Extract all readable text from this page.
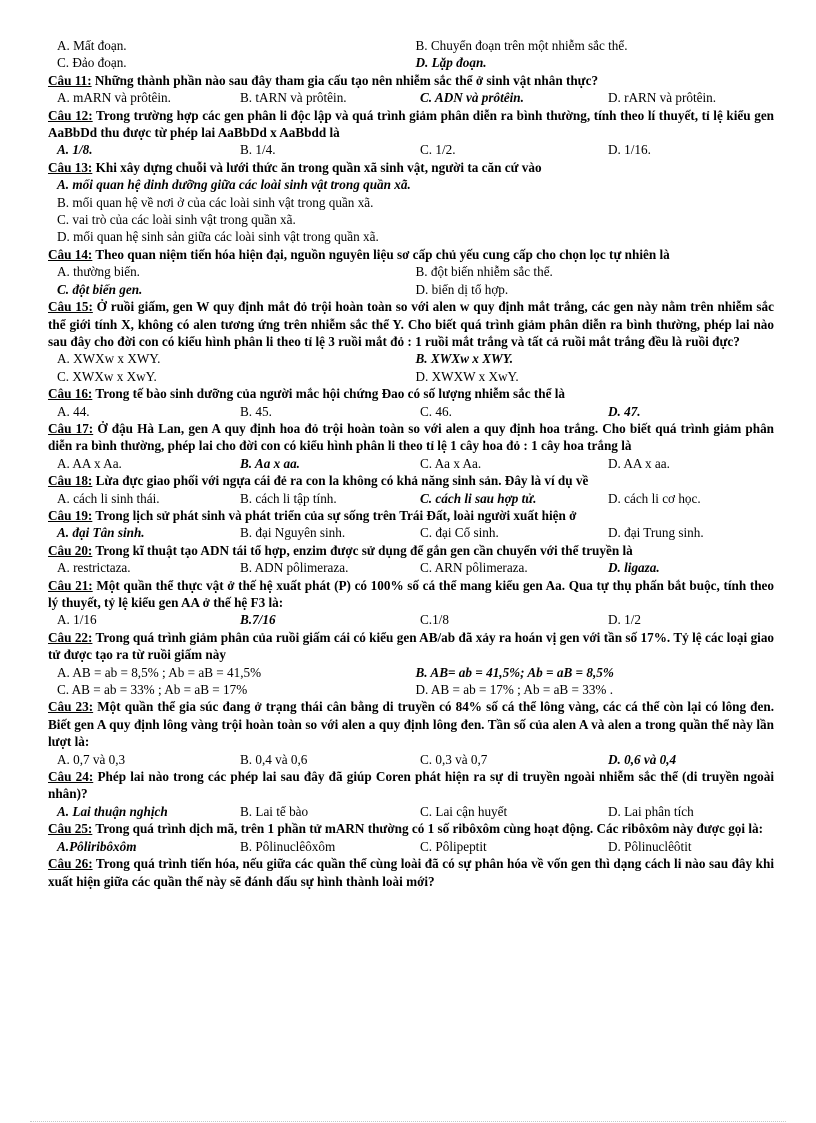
A. Mất đoạn.	B. Chuyển đoạn trên một nhiễm sắc thể.
C. Đảo đoạn.	D. Lặp đoạn.
Câu 11: Những thành phần nào sau đây tham gia cấu tạo nên nhiễm sắc thể ở sinh vật nhân thực?
A. mARN và prôtêin.	B. tARN và prôtêin.	C. ADN và prôtêin.	D. rARN và prôtêin.
Câu 12: Trong trường hợp các gen phân li độc lập và quá trình giảm phân diễn ra bình thường, tính theo lí thuyết, tỉ lệ kiểu gen AaBbDd thu được từ phép lai AaBbDd x AaBbdd là
A. 1/8.	B. 1/4.	C. 1/2.	D. 1/16.
Câu 13: Khi xây dựng chuỗi và lưới thức ăn trong quần xã sinh vật, người ta căn cứ vào
A. mối quan hệ dinh dưỡng giữa các loài sinh vật trong quần xã.
B. mối quan hệ về nơi ở của các loài sinh vật trong quần xã.
C. vai trò của các loài sinh vật trong quần xã.
D. mối quan hệ sinh sản giữa các loài sinh vật trong quần xã.
Câu 14: Theo quan niệm tiến hóa hiện đại, nguồn nguyên liệu sơ cấp chủ yếu cung cấp cho chọn lọc tự nhiên là
A. thường biến.	B. đột biến nhiễm sắc thể.
C. đột biến gen.	D. biến dị tổ hợp.
Câu 15: Ở ruồi giấm, gen W quy định mắt đỏ trội hoàn toàn so với alen w quy định mắt trắng, các gen này nằm trên nhiễm sắc thể giới tính X, không có alen tương ứng trên nhiễm sắc thể Y. Cho biết quá trình giảm phân diễn ra bình thường, phép lai nào sau đây cho đời con có kiểu hình phân li theo tỉ lệ 3 ruồi mắt đỏ : 1 ruồi mắt trắng và tất cả ruồi mắt trắng đều là ruồi đực?
A. XWXw x XWY.	B. XWXw x XWY.
C. XWXw x XwY.	D. XWXW x XwY.
Câu 16: Trong tế bào sinh dưỡng của người mắc hội chứng Đao có số lượng nhiễm sắc thể là
A. 44.	B. 45.	C. 46.	D. 47.
Câu 17: Ở đậu Hà Lan, gen A quy định hoa đỏ trội hoàn toàn so với alen a quy định hoa trắng. Cho biết quá trình giảm phân diễn ra bình thường, phép lai cho đời con có kiểu hình phân li theo tỉ lệ 1 cây hoa đỏ : 1 cây hoa trắng là
A. AA x Aa.	B. Aa x aa.	C. Aa x Aa.	D. AA x aa.
Câu 18: Lừa đực giao phối với ngựa cái đẻ ra con la không có khả năng sinh sản. Đây là ví dụ về
A. cách li sinh thái.	B. cách li tập tính.	C. cách li sau hợp tử.	D. cách li cơ học.
Câu 19: Trong lịch sử phát sinh và phát triển của sự sống trên Trái Đất, loài người xuất hiện ở
A. đại Tân sinh.	B. đại Nguyên sinh.	C. đại Cổ sinh.	D. đại Trung sinh.
Câu 20: Trong kĩ thuật tạo ADN tái tổ hợp, enzim được sử dụng để gắn gen cần chuyển với thể truyền là
A. restrictaza.	B. ADN pôlimeraza.	C. ARN pôlimeraza.	D. ligaza.
Câu 21: Một quần thể thực vật ở thế hệ xuất phát (P) có 100% số cá thể mang kiểu gen Aa. Qua tự thụ phấn bắt buộc, tính theo lý thuyết, tỷ lệ kiểu gen AA ở thế hệ F3 là:
A. 1/16	B.7/16	C.1/8	D. 1/2
Câu 22: Trong quá trình giảm phân của ruồi giấm cái có kiểu gen AB/ab đã xảy ra hoán vị gen với tần số 17%. Tỷ lệ các loại giao tử được tạo ra từ ruồi giấm này
A. AB = ab = 8,5% ; Ab = aB = 41,5%	B. AB= ab = 41,5%; Ab = aB = 8,5%
C. AB = ab = 33% ; Ab = aB = 17%	D. AB = ab = 17% ; Ab = aB = 33% .
Câu 23: Một quần thể gia súc đang ở trạng thái cân bằng di truyền có 84% số cá thể lông vàng, các cá thể còn lại có lông đen. Biết gen A quy định lông vàng trội hoàn toàn so với alen a quy định lông đen. Tần số của alen A và alen a trong quần thể này lần lượt là:
A. 0,7 và 0,3	B. 0,4 và 0,6	C. 0,3 và 0,7	D. 0,6 và 0,4
Câu 24: Phép lai nào trong các phép lai sau đây đã giúp Coren phát hiện ra sự di truyền ngoài nhiễm sắc thể (di truyền ngoài nhân)?
A. Lai thuận nghịch	B. Lai tế bào	C. Lai cận huyết	D. Lai phân tích
Câu 25: Trong quá trình dịch mã, trên 1 phần tử mARN thường có 1 số ribôxôm cùng hoạt động. Các ribôxôm này được gọi là:
A.Pôliribôxôm	B. Pôlinuclêôxôm	C. Pôlipeptit	D. Pôlinuclêôtit
Câu 26: Trong quá trình tiến hóa, nếu giữa các quần thể cùng loài đã có sự phân hóa về vốn gen thì dạng cách li nào sau đây khi xuất hiện giữa các quần thể này sẽ đánh dấu sự hình thành loài mới?
